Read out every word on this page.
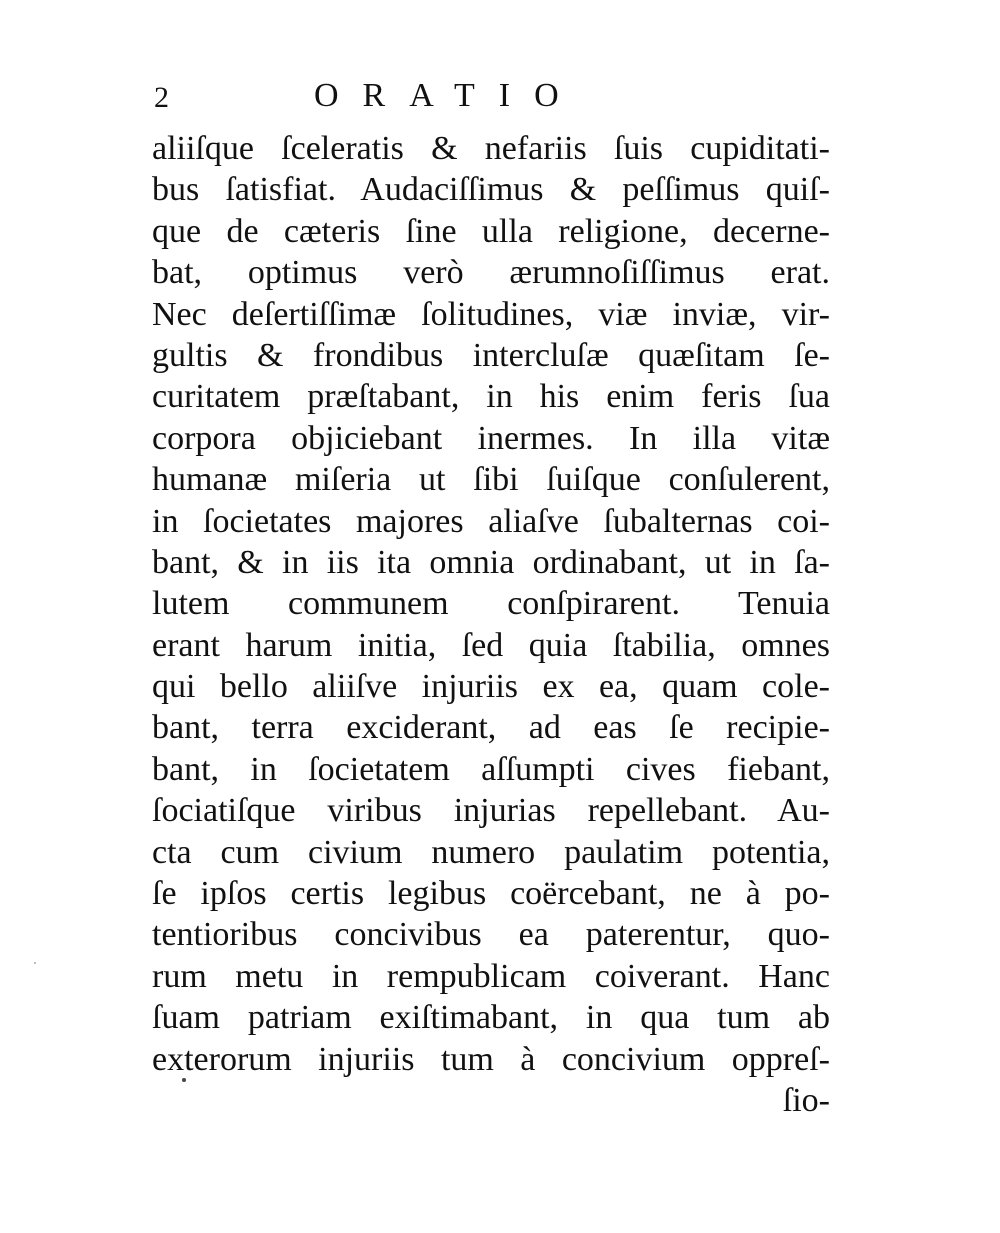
2	ORATIO
aliiſque ſceleratis & nefariis ſuis cupiditati-
bus ſatisfiat. Audaciſſimus & peſſimus quiſ-
que de cæteris ſine ulla religione, decerne-
bat, optimus verò ærumnoſiſſimus erat.
Nec deſertiſſimæ ſolitudines, viæ inviæ, vir-
gultis & frondibus intercluſæ quæſitam ſe-
curitatem præſtabant, in his enim feris ſua
corpora objiciebant inermes. In illa vitæ
humanæ miſeria ut ſibi ſuiſque conſulerent,
in ſocietates majores aliaſve ſubalternas coi-
bant, & in iis ita omnia ordinabant, ut in ſa-
lutem communem conſpirarent. Tenuia
erant harum initia, ſed quia ſtabilia, omnes
qui bello aliiſve injuriis ex ea, quam cole-
bant, terra exciderant, ad eas ſe recipie-
bant, in ſocietatem aſſumpti cives fiebant,
ſociatiſque viribus injurias repellebant. Au-
cta cum civium numero paulatim potentia,
ſe ipſos certis legibus coërcebant, ne à po-
tentioribus concivibus ea paterentur, quo-
rum metu in rempublicam coiverant. Hanc
ſuam patriam exiſtimabant, in qua tum ab
exterorum injuriis tum à concivium oppreſ-
ſio-
